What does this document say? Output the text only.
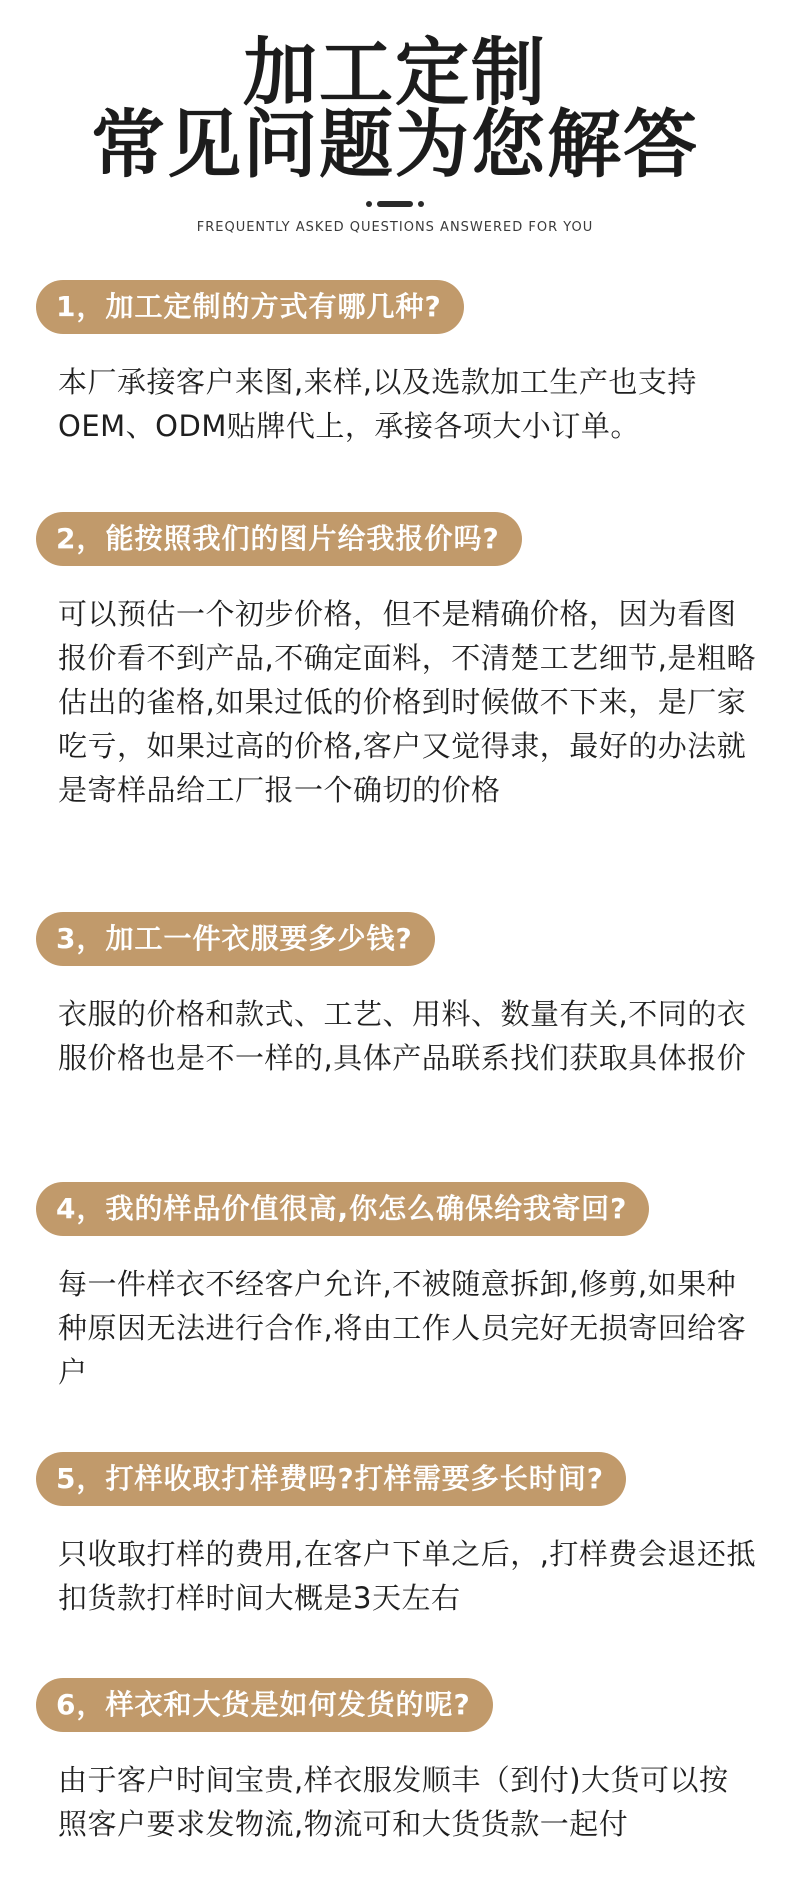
加工定制
常见问题为您解答
FREQUENTLY ASKED QUESTIONS ANSWERED FOR YOU
1，加工定制的方式有哪几种?
本厂承接客户来图,来样,以及选款加工生产也支持OEM、ODM贴牌代上，承接各项大小订单。
2，能按照我们的图片给我报价吗?
可以预估一个初步价格，但不是精确价格，因为看图报价看不到产品,不确定面料，不清楚工艺细节,是粗略估出的雀格,如果过低的价格到时候做不下来，是厂家吃亏，如果过高的价格,客户又觉得隶，最好的办法就是寄样品给工厂报一个确切的价格
3，加工一件衣服要多少钱?
衣服的价格和款式、工艺、用料、数量有关,不同的衣服价格也是不一样的,具体产品联系找们获取具体报价
4，我的样品价值很高,你怎么确保给我寄回?
每一件样衣不经客户允许,不被随意拆卸,修剪,如果种种原因无法进行合作,将由工作人员完好无损寄回给客户
5，打样收取打样费吗?打样需要多长时间?
只收取打样的费用,在客户下单之后，,打样费会退还抵扣货款打样时间大概是3天左右
6，样衣和大货是如何发货的呢?
由于客户时间宝贵,样衣服发顺丰（到付)大货可以按照客户要求发物流,物流可和大货货款一起付
